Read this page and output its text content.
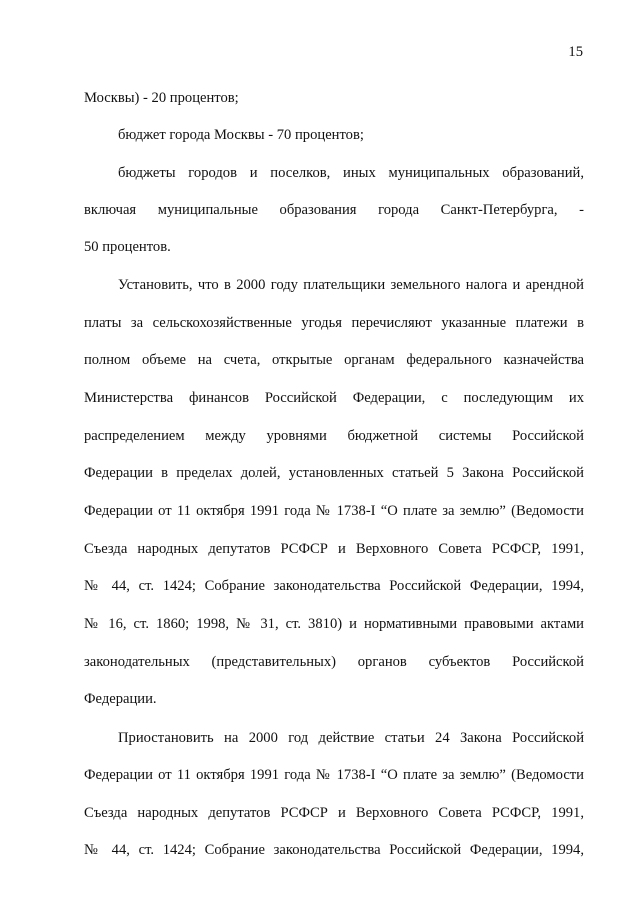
15
Москвы) - 20 процентов;
бюджет города Москвы - 70 процентов;
бюджеты городов и поселков, иных муниципальных образований,
включая муниципальные образования города Санкт-Петербурга, -
50 процентов.
Установить, что в 2000 году плательщики земельного налога и арендной
платы за сельскохозяйственные угодья перечисляют указанные платежи в
полном объеме на счета, открытые органам федерального казначейства
Министерства финансов Российской Федерации, с последующим их
распределением между уровнями бюджетной системы Российской
Федерации в пределах долей, установленных статьей 5 Закона Российской
Федерации от 11 октября 1991 года № 1738-I “О плате за землю” (Ведомости
Съезда народных депутатов РСФСР и Верховного Совета РСФСР, 1991,
№ 44, ст. 1424; Собрание законодательства Российской Федерации, 1994,
№ 16, ст. 1860; 1998, № 31, ст. 3810) и нормативными правовыми актами
законодательных (представительных) органов субъектов Российской
Федерации.
Приостановить на 2000 год действие статьи 24 Закона Российской
Федерации от 11 октября 1991 года № 1738-I “О плате за землю” (Ведомости
Съезда народных депутатов РСФСР и Верховного Совета РСФСР, 1991,
№ 44, ст. 1424; Собрание законодательства Российской Федерации, 1994,
